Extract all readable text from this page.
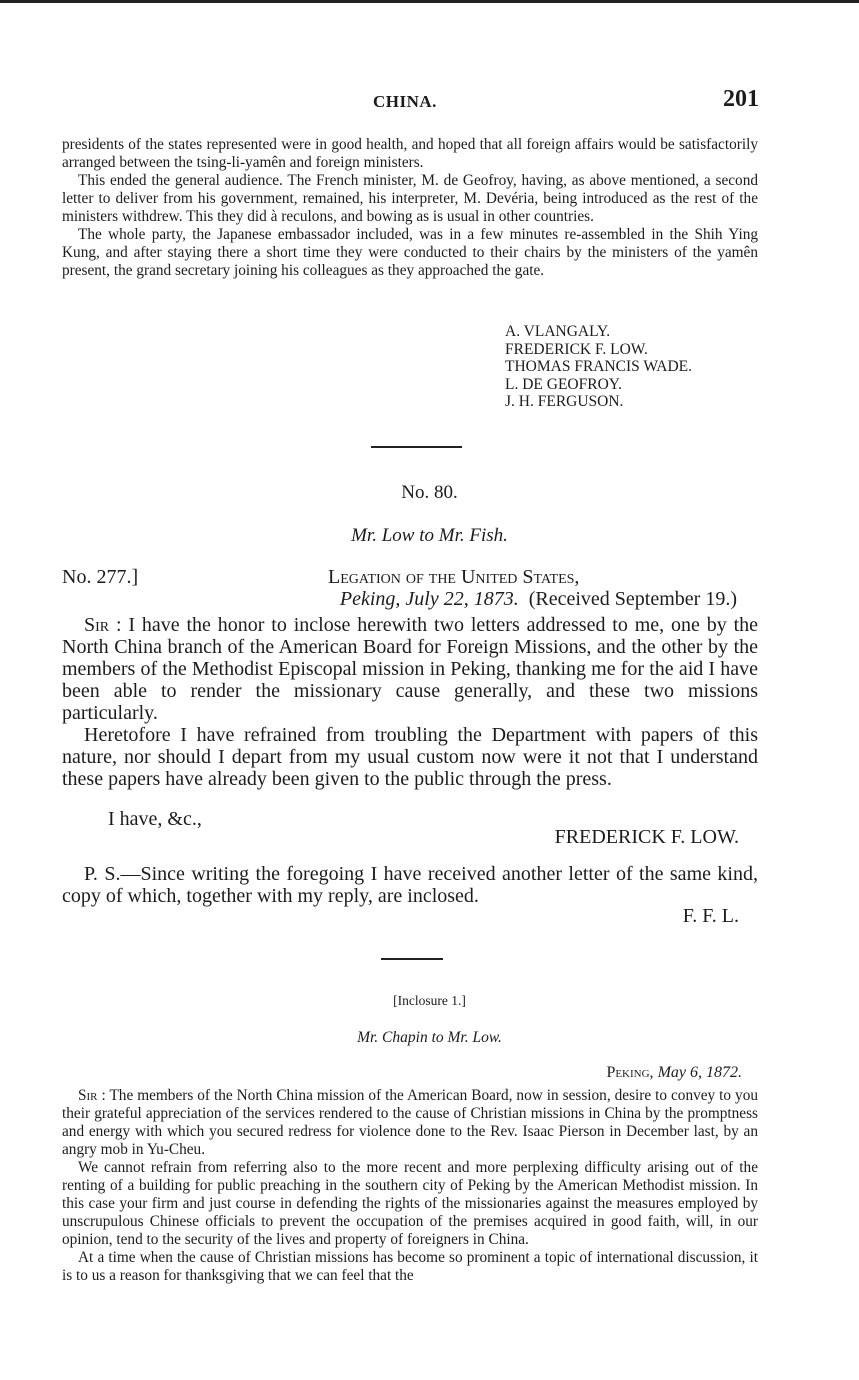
CHINA.	201

presidents of the states represented were in good health, and hoped that all foreign affairs would be satisfactorily arranged between the tsing-li-yamên and foreign ministers.

This ended the general audience. The French minister, M. de Geofroy, having, as above mentioned, a second letter to deliver from his government, remained, his interpreter, M. Devéria, being introduced as the rest of the ministers withdrew. This they did à reculons, and bowing as is usual in other countries.

The whole party, the Japanese embassador included, was in a few minutes re-assembled in the Shih Ying Kung, and after staying there a short time they were conducted to their chairs by the ministers of the yamên present, the grand secretary joining his colleagues as they approached the gate.

A. VLANGALY.
FREDERICK F. LOW.
THOMAS FRANCIS WADE.
L. DE GEOFROY.
J. H. FERGUSON.
No. 80.
Mr. Low to Mr. Fish.
No. 277.]	Legation of the United States,
Peking, July 22, 1873. (Received September 19.)

Sir : I have the honor to inclose herewith two letters addressed to me, one by the North China branch of the American Board for Foreign Missions, and the other by the members of the Methodist Episcopal mission in Peking, thanking me for the aid I have been able to render the missionary cause generally, and these two missions particularly.

Heretofore I have refrained from troubling the Department with papers of this nature, nor should I depart from my usual custom now were it not that I understand these papers have already been given to the public through the press.

I have, &c.,
FREDERICK F. LOW.

P. S.—Since writing the foregoing I have received another letter of the same kind, copy of which, together with my reply, are inclosed.

F. F. L.
[Inclosure 1.]
Mr. Chapin to Mr. Low.
Peking, May 6, 1872.

Sir : The members of the North China mission of the American Board, now in session, desire to convey to you their grateful appreciation of the services rendered to the cause of Christian missions in China by the promptness and energy with which you secured redress for violence done to the Rev. Isaac Pierson in December last, by an angry mob in Yu-Cheu.

We cannot refrain from referring also to the more recent and more perplexing difficulty arising out of the renting of a building for public preaching in the southern city of Peking by the American Methodist mission. In this case your firm and just course in defending the rights of the missionaries against the measures employed by unscrupulous Chinese officials to prevent the occupation of the premises acquired in good faith, will, in our opinion, tend to the security of the lives and property of foreigners in China.

At a time when the cause of Christian missions has become so prominent a topic of international discussion, it is to us a reason for thanksgiving that we can feel that the
